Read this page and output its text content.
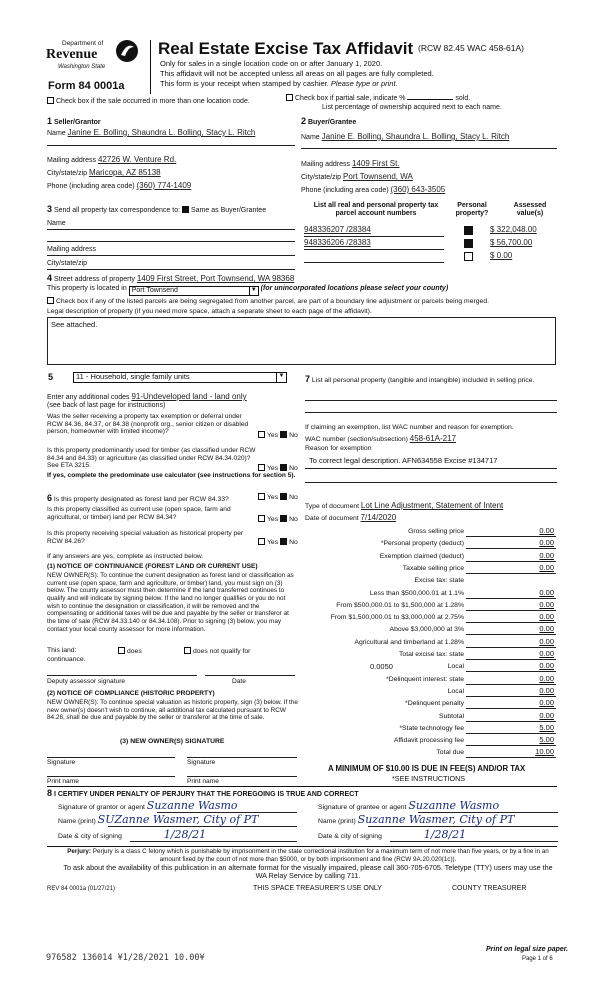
Department of
Revenue
Washington State
Form 84 0001a
Real Estate Excise Tax Affidavit (RCW 82.45 WAC 458-61A)
Only for sales in a single location code on or after January 1, 2020.
This affidavit will not be accepted unless all areas on all pages are fully completed.
This form is your receipt when stamped by cashier. Please type or print.
Check box if the sale occurred in more than one location code.	Check box if partial sale, indicate %	sold.
List percentage of ownership acquired next to each name.
1 Seller/Grantor
Name Janine E. Bolling, Shaundra L. Bolling, Stacy L. Ritch
Mailing address 42726 W. Venture Rd.
City/state/zip Maricopa, AZ 85138
Phone (including area code) (360) 774-1409
2 Buyer/Grantee
Name Janine E. Bolling, Shaundra L. Bolling, Stacy L. Ritch
Mailing address 1409 First St.
City/state/zip Port Townsend, WA
Phone (including area code) (360) 643-3505
3 Send all property tax correspondence to: Same as Buyer/Grantee
Name
Mailing address
City/state/zip
List all real and personal property tax parcel account numbers
Personal property?
Assessed value(s)
948336207 /28384	$ 322,048.00
948336206 /28383	$ 56,700.00
$ 0.00
4 Street address of property 1409 First Street, Port Townsend, WA 98368
This property is located in Port Townsend	▼ (for unincorporated locations please select your county)
Check box if any of the listed parcels are being segregated from another parcel, are part of a boundary line adjustment or parcels being merged.
Legal description of property (if you need more space, attach a separate sheet to each page of the affidavit).
See attached.
5	11 - Household, single family units	▼
Enter any additional codes 91-Undeveloped land - land only
(see back of last page for instructions)
Was the seller receiving a property tax exemption or deferral under RCW 84.36, 84.37, or 84.38 (nonprofit org., senior citizen or disabled person, homeowner with limited income)?
Yes No
Is this property predominantly used for timber (as classified under RCW 84.34 and 84.33) or agriculture (as classified under RCW 84.34.020)? See ETA 3215.	Yes No
If yes, complete the predominate use calculator (see instructions for section 5).
6 Is this property designated as forest land per RCW 84.33?	Yes No
Is this property classified as current use (open space, farm and agricultural, or timber) land per RCW 84.34?	Yes No
Is this property receiving special valuation as historical property per RCW 84.26?	Yes No
If any answers are yes, complete as instructed below.
(1) NOTICE OF CONTINUANCE (FOREST LAND OR CURRENT USE)
NEW OWNER(S): To continue the current designation as forest land or classification as current use (open space, farm and agriculture, or timber) land, you must sign on (3) below. The county assessor must then determine if the land transferred continues to qualify and will indicate by signing below. If the land no longer qualifies or you do not wish to continue the designation or classification, it will be removed and the compensating or additional taxes will be due and payable by the seller or transferor at the time of sale (RCW 84.33.140 or 84.34.108). Prior to signing (3) below, you may contact your local county assessor for more information.
This land:	does	does not qualify for
continuance.
Deputy assessor signature	Date
(2) NOTICE OF COMPLIANCE (HISTORIC PROPERTY)
NEW OWNER(S): To continue special valuation as historic property, sign (3) below. If the new owner(s) doesn't wish to continue, all additional tax calculated pursuant to RCW 84.26, shall be due and payable by the seller or transferor at the time of sale.
(3) NEW OWNER(S) SIGNATURE
Signature	Signature
Print name	Print name
7 List all personal property (tangible and intangible) included in selling price.
If claiming an exemption, list WAC number and reason for exemption.
WAC number (section/subsection) 458-61A-217
Reason for exemption
To correct legal description. AFN634558 Excise #134717
Type of document Lot Line Adjustment, Statement of Intent
Date of document 7/14/2020
Gross selling price	0.00
*Personal property (deduct)	0.00
Exemption claimed (deduct)	0.00
Taxable selling price	0.00
Excise tax: state
Less than $500,000.01 at 1.1%	0.00
From $500,000.01 to $1,500,000 at 1.28%	0.00
From $1,500,000.01 to $3,000,000 at 2.75%	0.00
Above $3,000,000 at 3%	0.00
Agricultural and timberland at 1.28%	0.00
Total excise tax: state	0.00
Local	0.00
*Delinquent interest: state	0.00
Local	0.00
*Delinquent penalty	0.00
Subtotal	0.00
*State technology fee	5.00
Affidavit processing fee	5.00
Total due	10.00
0.0050
A MINIMUM OF $10.00 IS DUE IN FEE(S) AND/OR TAX
*SEE INSTRUCTIONS
8 I CERTIFY UNDER PENALTY OF PERJURY THAT THE FOREGOING IS TRUE AND CORRECT
Signature of grantor or agent Suzanne Wasmo
Name (print) SUZanne Wasmer, City of PT
Date & city of signing	1/28/21
Signature of grantee or agent Suzanne Wasmo
Name (print) Suzanne Wasmer, City of PT
Date & city of signing	1/28/21
Perjury: Perjury is a class C felony which is punishable by imprisonment in the state correctional institution for a maximum term of not more than five years, or by a fine in an amount fixed by the court of not more than $5000, or by both imprisonment and fine (RCW 9A.20.020(1c)).
To ask about the availability of this publication in an alternate format for the visually impaired, please call 360-705-6705. Teletype (TTY) users may use the WA Relay Service by calling 711.
REV 84 0001a (01/27/21)	THIS SPACE TREASURER'S USE ONLY	COUNTY TREASURER
Print on legal size paper.
Page 1 of 6
976582 136014 ¥1/28/2021 10.00¥
